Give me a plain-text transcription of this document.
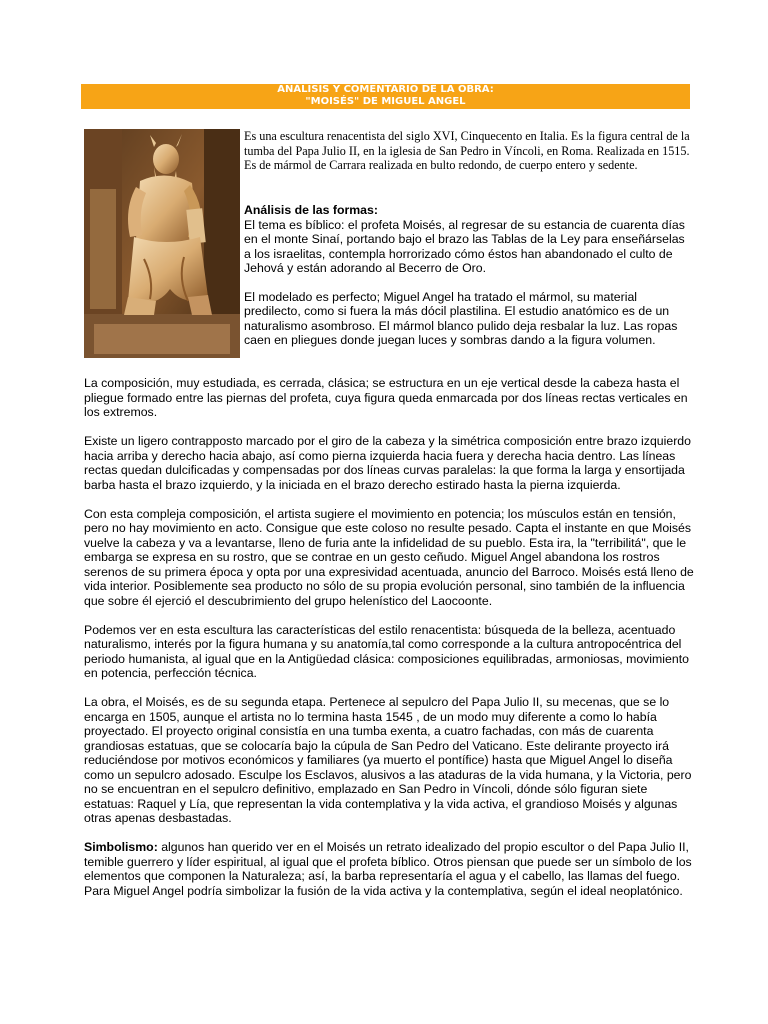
ANÁLISIS Y COMENTARIO DE LA OBRA:
"MOISÉS" DE MIGUEL ANGEL

Es una escultura renacentista del siglo XVI, Cinquecento en Italia. Es la figura central de la tumba del Papa Julio II, en la iglesia de San Pedro in Víncoli, en Roma. Realizada en 1515.

Es de mármol de Carrara realizada en bulto redondo, de cuerpo entero y sedente.

Análisis de las formas:

El tema es bíblico: el profeta Moisés, al regresar de su estancia de cuarenta días en el monte Sinaí, portando bajo el brazo las Tablas de la Ley para enseñárselas a los israelitas, contempla horrorizado cómo éstos han abandonado el culto de Jehová y están adorando al Becerro de Oro.

El modelado es perfecto; Miguel Angel ha tratado el mármol, su material predilecto, como si fuera la más dócil plastilina. El estudio anatómico es de un naturalismo asombroso. El mármol blanco pulido deja resbalar la luz. Las ropas caen en pliegues donde juegan luces y sombras dando a la figura volumen.

La composición, muy estudiada, es cerrada, clásica; se estructura en un eje vertical desde la cabeza hasta el pliegue formado entre las piernas del profeta, cuya figura queda enmarcada por dos líneas rectas verticales en los extremos.

Existe un ligero contrapposto marcado por el giro de la cabeza y la simétrica composición entre brazo izquierdo hacia arriba y derecho hacia abajo, así como pierna izquierda hacia fuera y derecha hacia dentro. Las líneas rectas quedan dulcificadas y compensadas por dos líneas curvas paralelas: la que forma la larga y ensortijada barba hasta el brazo izquierdo, y la iniciada en el brazo derecho estirado hasta la pierna izquierda.

Con esta compleja composición, el artista sugiere el movimiento en potencia; los músculos están en tensión, pero no hay movimiento en acto. Consigue que este coloso no resulte pesado. Capta el instante en que Moisés vuelve la cabeza y va a levantarse, lleno de furia ante la infidelidad de su pueblo. Esta ira, la "terribilitá", que le embarga se expresa en su rostro, que se contrae en un gesto ceñudo. Miguel Angel abandona los rostros serenos de su primera época y opta por una expresividad acentuada, anuncio del Barroco. Moisés está lleno de vida interior. Posiblemente sea producto no sólo de su propia evolución personal, sino también de la influencia que sobre él ejerció el descubrimiento del grupo helenístico del Laocoonte.

Podemos ver en esta escultura las características del estilo renacentista: búsqueda de la belleza, acentuado naturalismo, interés por la figura humana y su anatomía,tal como corresponde a la cultura antropocéntrica del periodo humanista, al igual que en la Antigüedad clásica: composiciones equilibradas, armoniosas, movimiento en potencia, perfección técnica.

La obra, el Moisés, es de su segunda etapa. Pertenece al sepulcro del Papa Julio II, su mecenas, que se lo encarga en 1505, aunque el artista no lo termina hasta 1545 , de un modo muy diferente a como lo había proyectado. El proyecto original consistía en una tumba exenta, a cuatro fachadas, con más de cuarenta grandiosas estatuas, que se colocaría bajo la cúpula de San Pedro del Vaticano. Este delirante proyecto irá reduciéndose por motivos económicos y familiares (ya muerto el pontífice) hasta que Miguel Angel lo diseña como un sepulcro adosado. Esculpe los Esclavos, alusivos a las ataduras de la vida humana, y la Victoria, pero no se encuentran en el sepulcro definitivo, emplazado en San Pedro in Víncoli, dónde sólo figuran siete estatuas: Raquel y Lía, que representan la vida contemplativa y la vida activa, el grandioso Moisés y algunas otras apenas desbastadas.

Simbolismo: algunos han querido ver en el Moisés un retrato idealizado del propio escultor o del Papa Julio II, temible guerrero y líder espiritual, al igual que el profeta bíblico. Otros piensan que puede ser un símbolo de los elementos que componen la Naturaleza; así, la barba representaría el agua y el cabello, las llamas del fuego. Para Miguel Angel podría simbolizar la fusión de la vida activa y la contemplativa, según el ideal neoplatónico.
